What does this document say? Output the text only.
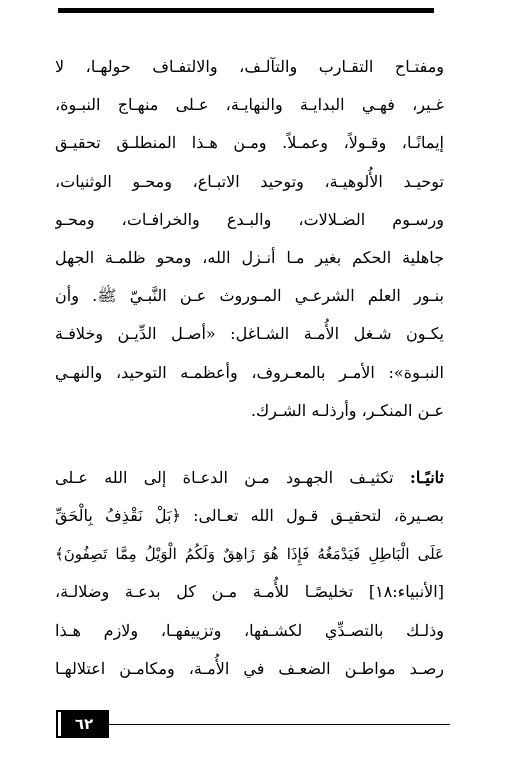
ومفتـاح التقـارب والتآلـف، والالتفـاف حولهـا، لا
غـير، فهـي البدايـة والنهايـة، عـلى منهـاج النبـوة،
إيمانًـا، وقـولاً، وعمـلاً. ومـن هـذا المنطلـق تحقيـق
توحيـد الأُلوهيـة، وتوحيد الاتبـاع، ومحـو الوثنيات،
ورسـوم الضـلالات، والبـدع والخرافـات، ومحـو
جاهلية الحكم بغير مـا أنـزل الله، ومحو ظلمـة الجهل
بنـور العلم الشرعـي المـوروث عـن النَّبـيّ ﷺ. وأن
يكـون شـغل الأُمـة الشـاغل: «أصـل الدِّيـن وخلافـة
النبـوة»: الأمـر بالمعـروف، وأعظمـه التوحيد، والنهـي
عـن المنكـر، وأرذلـه الشـرك.
ثانيًـا: تكثيـف الجهـود مـن الدعـاة إلى الله عـلى
بصـيرة، لتحقيـق قـول الله تعـالى: ﴿بَلْ نَقْذِفُ بِالْحَقِّ
عَلَى الْبَاطِلِ فَيَدْمَغُهُ فَإِذَا هُوَ زَاهِقٌ وَلَكُمُ الْوَيْلُ مِمَّا تَصِفُونَ﴾
[الأنبياء:١٨] تخليصًـا للأُمـة مـن كل بدعـة وضلالـة،
وذلـك بالتصـدِّي لكشـفها، وتزييفهـا، ولازم هـذا
رصـد مواطـن الضعـف في الأُمـة، ومكامـن اعتلالهـا
٦٢
